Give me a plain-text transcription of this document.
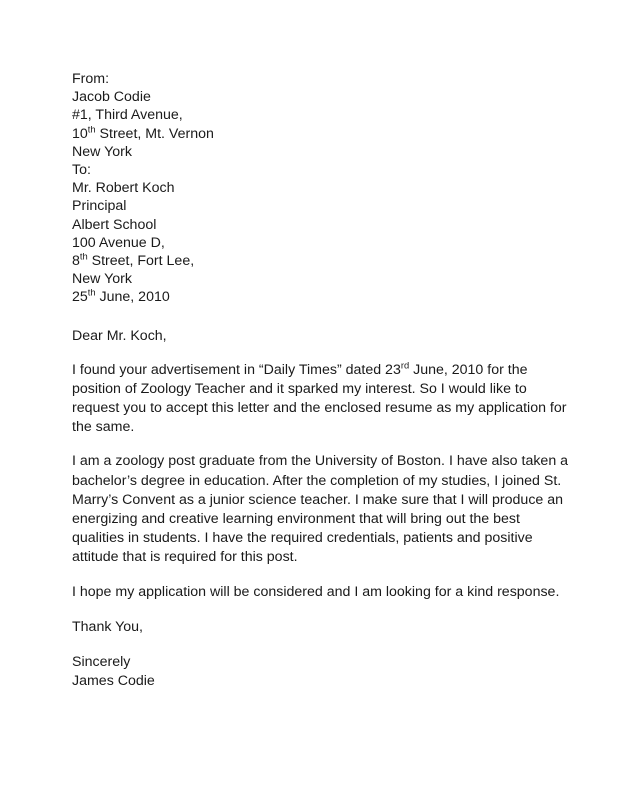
From:
Jacob Codie
#1, Third Avenue,
10th Street, Mt. Vernon
New York
To:
Mr. Robert Koch
Principal
Albert School
100 Avenue D,
8th Street, Fort Lee,
New York
25th June, 2010
Dear Mr. Koch,

I found your advertisement in “Daily Times” dated 23rd June, 2010 for the position of Zoology Teacher and it sparked my interest. So I would like to request you to accept this letter and the enclosed resume as my application for the same.

I am a zoology post graduate from the University of Boston. I have also taken a bachelor’s degree in education. After the completion of my studies, I joined St. Marry’s Convent as a junior science teacher. I make sure that I will produce an energizing and creative learning environment that will bring out the best qualities in students. I have the required credentials, patients and positive attitude that is required for this post.

I hope my application will be considered and I am looking for a kind response.

Thank You,
Sincerely
James Codie
